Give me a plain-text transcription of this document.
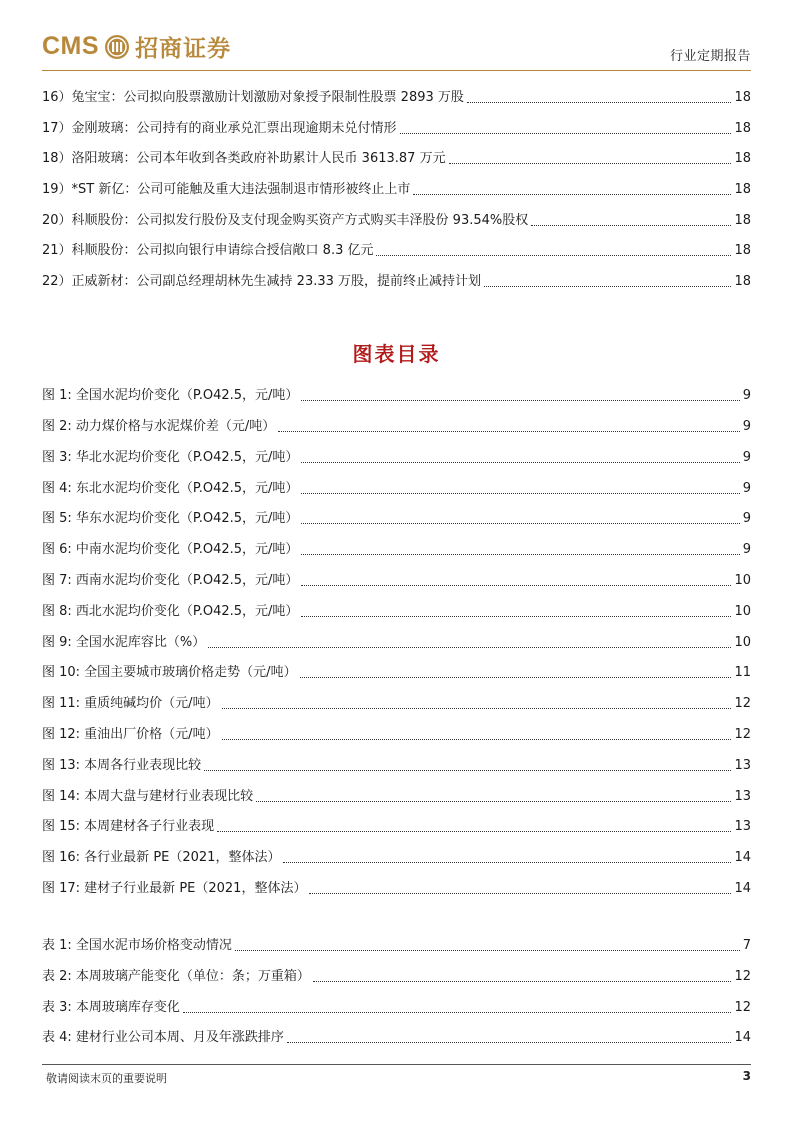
CMS 招商证券	行业定期报告
16）兔宝宝：公司拟向股票激励计划激励对象授予限制性股票 2893 万股	18
17）金刚玻璃：公司持有的商业承兑汇票出现逾期未兑付情形	18
18）洛阳玻璃：公司本年收到各类政府补助累计人民币 3613.87 万元	18
19）*ST 新亿：公司可能触及重大违法强制退市情形被终止上市	18
20）科顺股份：公司拟发行股份及支付现金购买资产方式购买丰泽股份 93.54%股权	18
21）科顺股份：公司拟向银行申请综合授信敞口 8.3 亿元	18
22）正威新材：公司副总经理胡林先生减持 23.33 万股，提前终止减持计划	18
图表目录
图 1: 全国水泥均价变化（P.O42.5，元/吨）	9
图 2: 动力煤价格与水泥煤价差（元/吨）	9
图 3: 华北水泥均价变化（P.O42.5，元/吨）	9
图 4: 东北水泥均价变化（P.O42.5，元/吨）	9
图 5: 华东水泥均价变化（P.O42.5，元/吨）	9
图 6: 中南水泥均价变化（P.O42.5，元/吨）	9
图 7: 西南水泥均价变化（P.O42.5，元/吨）	10
图 8: 西北水泥均价变化（P.O42.5，元/吨）	10
图 9: 全国水泥库容比（%）	10
图 10: 全国主要城市玻璃价格走势（元/吨）	11
图 11: 重质纯碱均价（元/吨）	12
图 12: 重油出厂价格（元/吨）	12
图 13: 本周各行业表现比较	13
图 14: 本周大盘与建材行业表现比较	13
图 15: 本周建材各子行业表现	13
图 16: 各行业最新 PE（2021，整体法）	14
图 17: 建材子行业最新 PE（2021，整体法）	14
表 1: 全国水泥市场价格变动情况	7
表 2: 本周玻璃产能变化（单位：条；万重箱）	12
表 3: 本周玻璃库存变化	12
表 4: 建材行业公司本周、月及年涨跌排序	14
敬请阅读末页的重要说明	3
